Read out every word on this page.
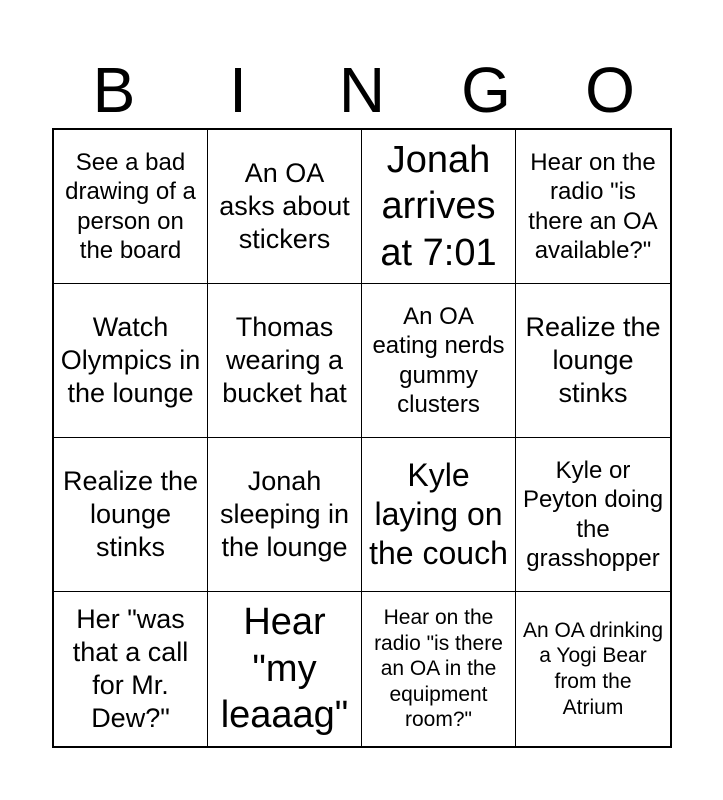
B	I	N	G	O
See a bad drawing of a person on the board
An OA asks about stickers
Jonah arrives at 7:01
Hear on the radio "is there an OA available?"
Watch Olympics in the lounge
Thomas wearing a bucket hat
An OA eating nerds gummy clusters
Realize the lounge stinks
Realize the lounge stinks
Jonah sleeping in the lounge
Kyle laying on the couch
Kyle or Peyton doing the grasshopper
Her "was that a call for Mr. Dew?"
Hear "my leaaag"
Hear on the radio "is there an OA in the equipment room?"
An OA drinking a Yogi Bear from the Atrium
